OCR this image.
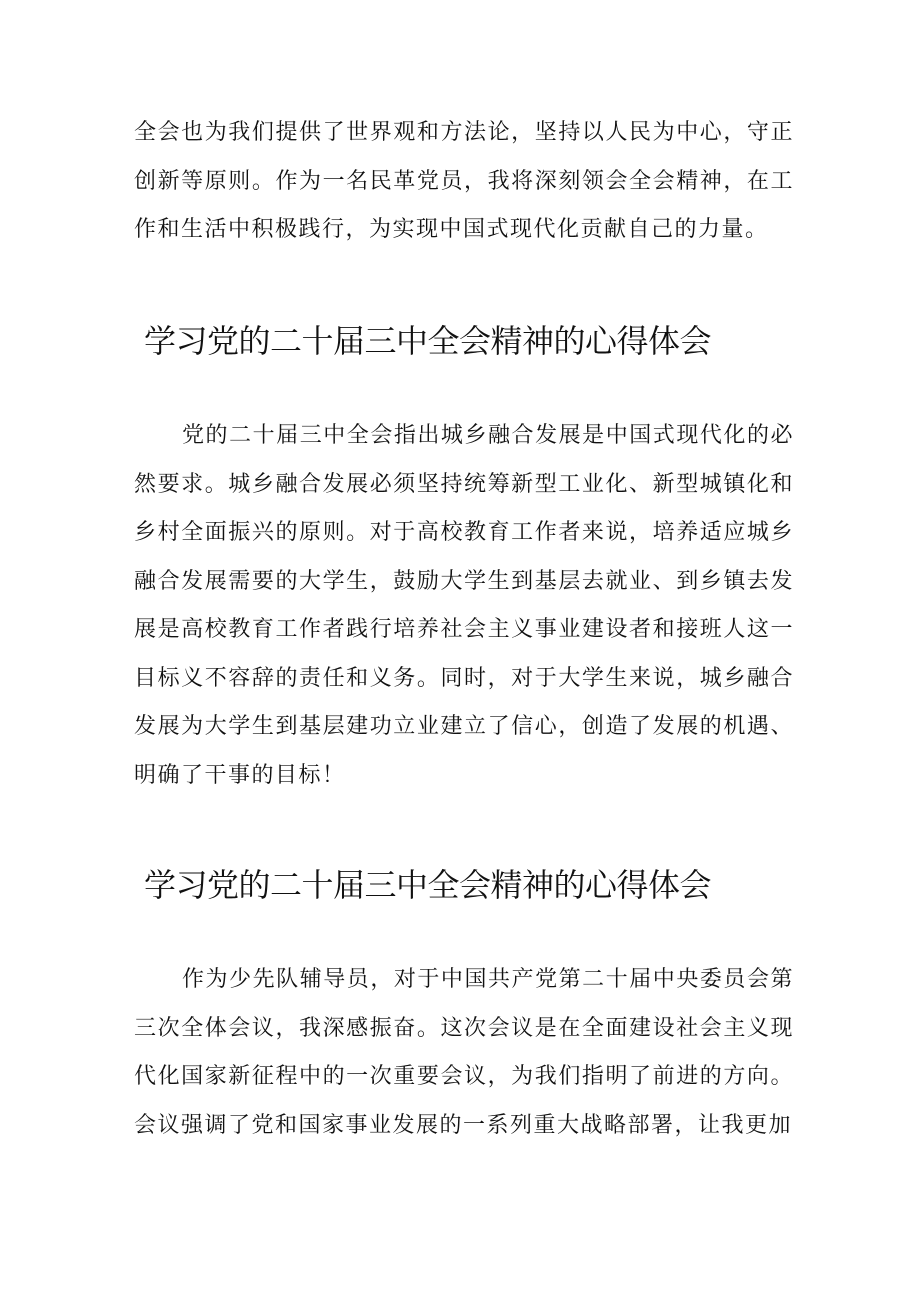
全会也为我们提供了世界观和方法论，坚持以人民为中心，守正创新等原则。作为一名民革党员，我将深刻领会全会精神，在工作和生活中积极践行，为实现中国式现代化贡献自己的力量。

学习党的二十届三中全会精神的心得体会

党的二十届三中全会指出城乡融合发展是中国式现代化的必然要求。城乡融合发展必须坚持统筹新型工业化、新型城镇化和乡村全面振兴的原则。对于高校教育工作者来说，培养适应城乡融合发展需要的大学生，鼓励大学生到基层去就业、到乡镇去发展是高校教育工作者践行培养社会主义事业建设者和接班人这一目标义不容辞的责任和义务。同时，对于大学生来说，城乡融合发展为大学生到基层建功立业建立了信心，创造了发展的机遇、明确了干事的目标！

学习党的二十届三中全会精神的心得体会

作为少先队辅导员，对于中国共产党第二十届中央委员会第三次全体会议，我深感振奋。这次会议是在全面建设社会主义现代化国家新征程中的一次重要会议，为我们指明了前进的方向。会议强调了党和国家事业发展的一系列重大战略部署，让我更加
